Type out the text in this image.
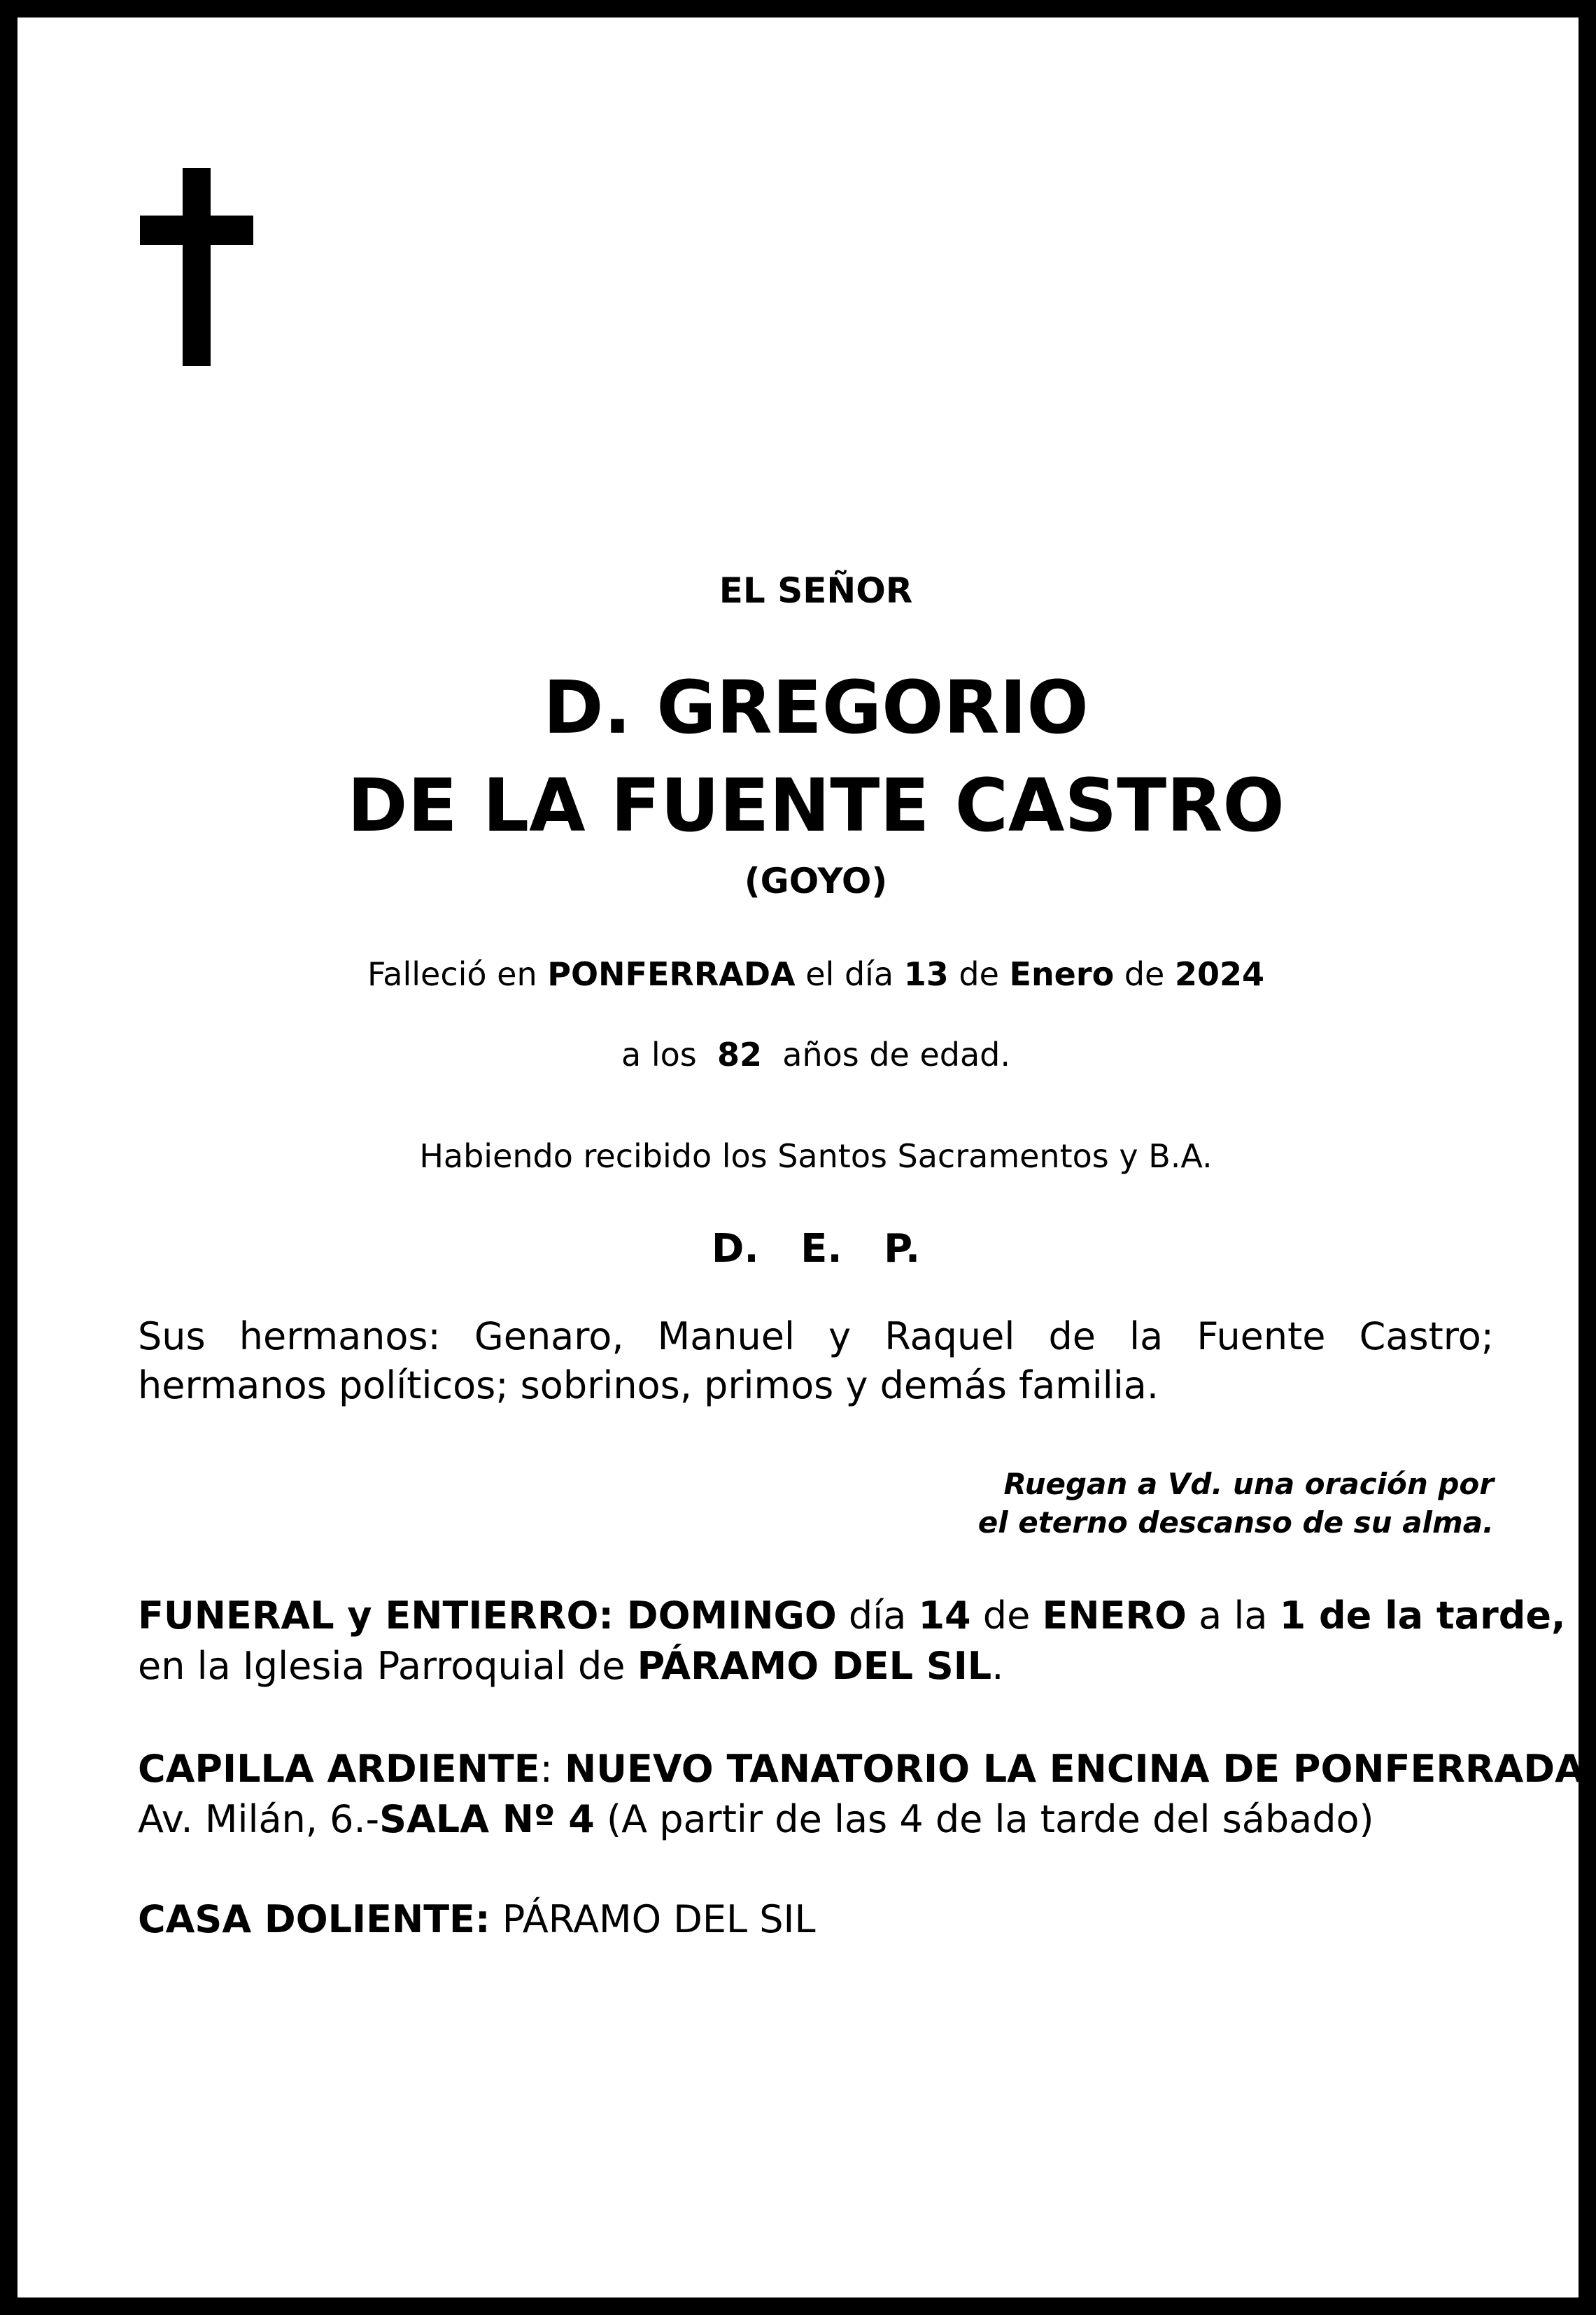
EL SEÑOR
D. GREGORIO
DE LA FUENTE CASTRO
(GOYO)
Falleció en PONFERRADA el día 13 de Enero de 2024
a los 82 años de edad.
Habiendo recibido los Santos Sacramentos y B.A.
D. E. P.
Sus hermanos: Genaro, Manuel y Raquel de la Fuente Castro; hermanos políticos; sobrinos, primos y demás familia.
Ruegan a Vd. una oración por
el eterno descanso de su alma.
FUNERAL y ENTIERRO: DOMINGO día 14 de ENERO a la 1 de la tarde,
en la Iglesia Parroquial de PÁRAMO DEL SIL.
CAPILLA ARDIENTE: NUEVO TANATORIO LA ENCINA DE PONFERRADA
Av. Milán, 6.-SALA Nº 4 (A partir de las 4 de la tarde del sábado)
CASA DOLIENTE: PÁRAMO DEL SIL
